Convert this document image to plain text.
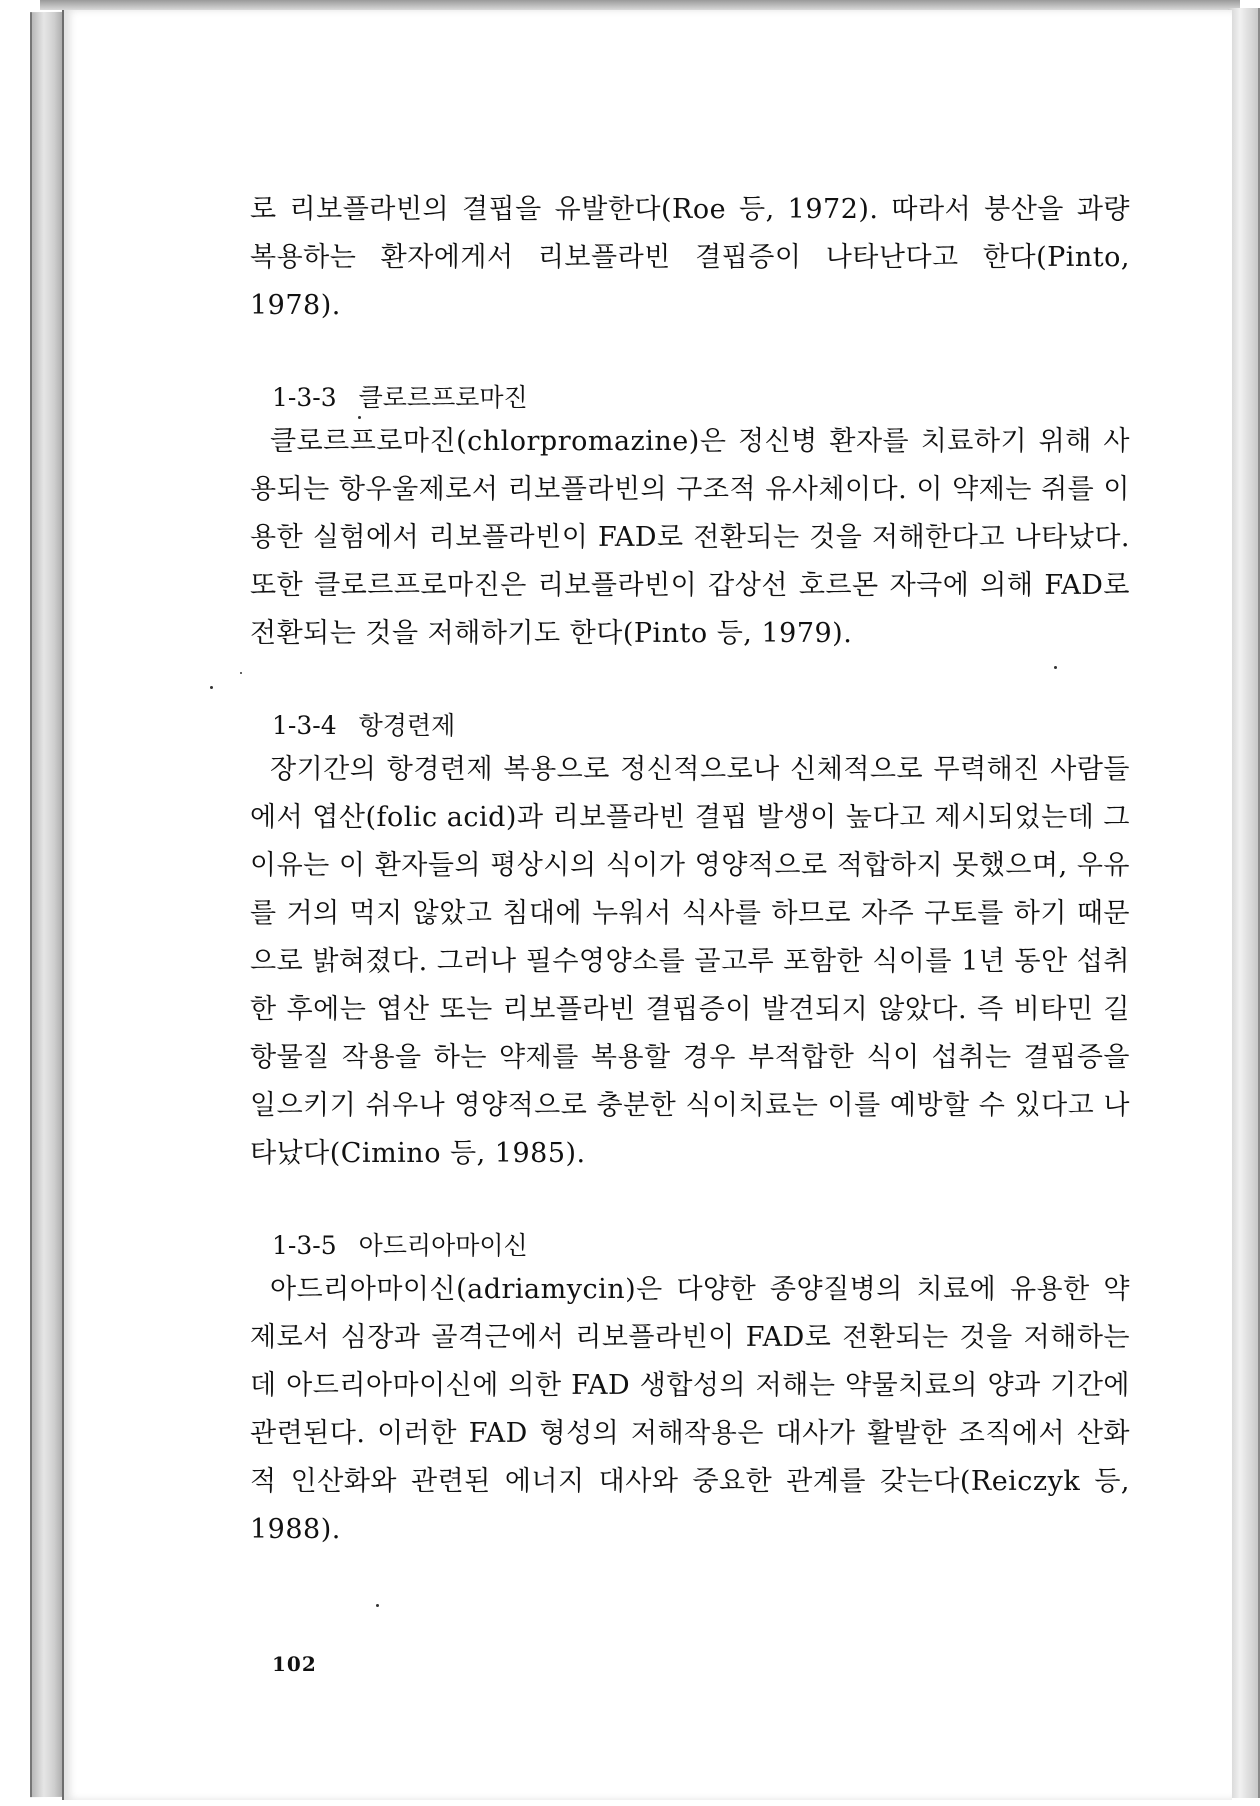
로 리보플라빈의 결핍을 유발한다(Roe 등, 1972). 따라서 붕산을 과량 복용하는 환자에게서 리보플라빈 결핍증이 나타난다고 한다(Pinto, 1978).

1-3-3 클로르프로마진

클로르프로마진(chlorpromazine)은 정신병 환자를 치료하기 위해 사용되는 항우울제로서 리보플라빈의 구조적 유사체이다. 이 약제는 쥐를 이용한 실험에서 리보플라빈이 FAD로 전환되는 것을 저해한다고 나타났다. 또한 클로르프로마진은 리보플라빈이 갑상선 호르몬 자극에 의해 FAD로 전환되는 것을 저해하기도 한다(Pinto 등, 1979).

1-3-4 항경련제

장기간의 항경련제 복용으로 정신적으로나 신체적으로 무력해진 사람들에서 엽산(folic acid)과 리보플라빈 결핍 발생이 높다고 제시되었는데 그 이유는 이 환자들의 평상시의 식이가 영양적으로 적합하지 못했으며, 우유를 거의 먹지 않았고 침대에 누워서 식사를 하므로 자주 구토를 하기 때문으로 밝혀졌다. 그러나 필수영양소를 골고루 포함한 식이를 1년 동안 섭취한 후에는 엽산 또는 리보플라빈 결핍증이 발견되지 않았다. 즉 비타민 길항물질 작용을 하는 약제를 복용할 경우 부적합한 식이 섭취는 결핍증을 일으키기 쉬우나 영양적으로 충분한 식이치료는 이를 예방할 수 있다고 나타났다(Cimino 등, 1985).

1-3-5 아드리아마이신

아드리아마이신(adriamycin)은 다양한 종양질병의 치료에 유용한 약제로서 심장과 골격근에서 리보플라빈이 FAD로 전환되는 것을 저해하는데 아드리아마이신에 의한 FAD 생합성의 저해는 약물치료의 양과 기간에 관련된다. 이러한 FAD 형성의 저해작용은 대사가 활발한 조직에서 산화적 인산화와 관련된 에너지 대사와 중요한 관계를 갖는다(Reiczyk 등, 1988).

102
